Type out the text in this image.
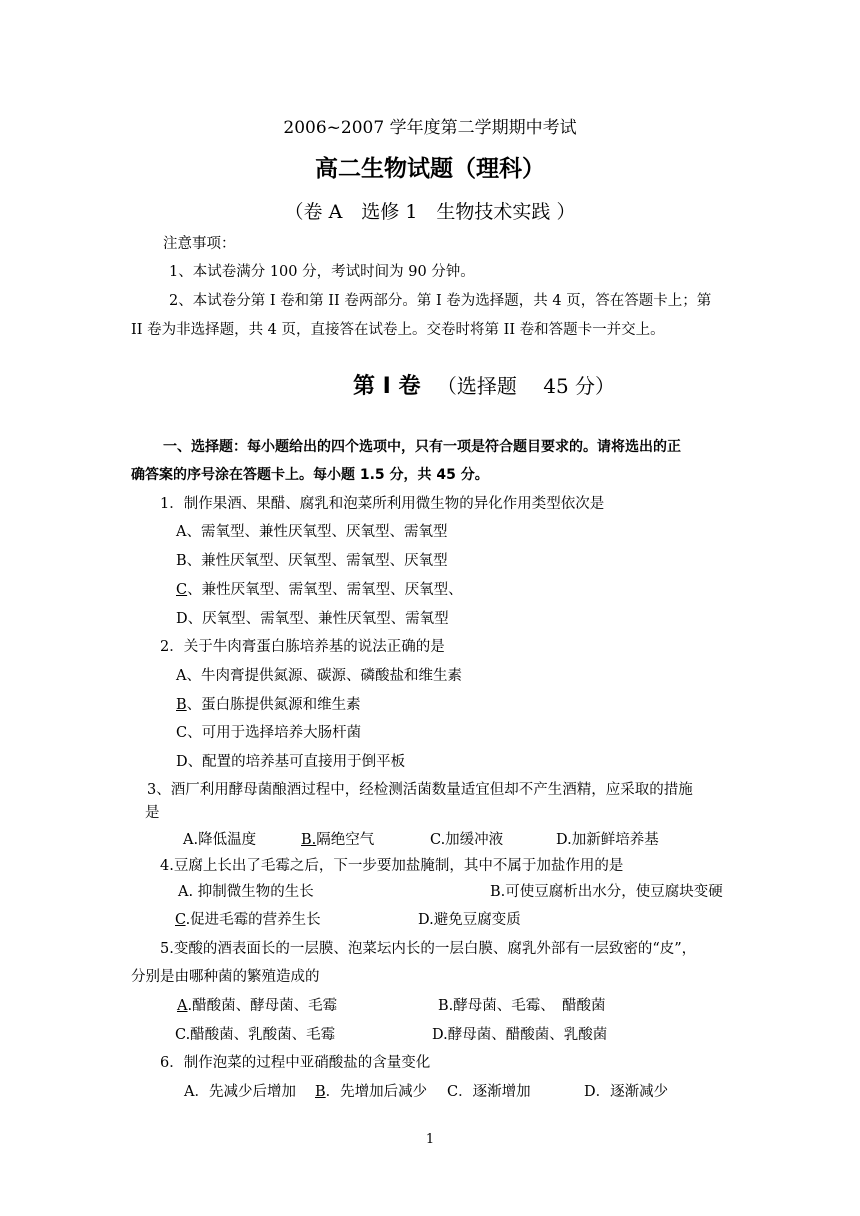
2006~2007 学年度第二学期期中考试
高二生物试题（理科）
（卷 A　选修 1　生物技术实践 ）
注意事项：
1、本试卷满分 100 分，考试时间为 90 分钟。
2、本试卷分第 I 卷和第 II 卷两部分。第 I 卷为选择题，共 4 页，答在答题卡上；第
II 卷为非选择题，共 4 页，直接答在试卷上。交卷时将第 II 卷和答题卡一并交上。
第 I 卷 （选择题　 45 分）
一、选择题：每小题给出的四个选项中，只有一项是符合题目要求的。请将选出的正
确答案的序号涂在答题卡上。每小题 1.5 分，共 45 分。
1．制作果酒、果醋、腐乳和泡菜所利用微生物的异化作用类型依次是
A、需氧型、兼性厌氧型、厌氧型、需氧型
B、兼性厌氧型、厌氧型、需氧型、厌氧型
C、兼性厌氧型、需氧型、需氧型、厌氧型、
D、厌氧型、需氧型、兼性厌氧型、需氧型
2．关于牛肉膏蛋白胨培养基的说法正确的是
A、牛肉膏提供氮源、碳源、磷酸盐和维生素
B、蛋白胨提供氮源和维生素
C、可用于选择培养大肠杆菌
D、配置的培养基可直接用于倒平板
3、酒厂利用酵母菌酿酒过程中，经检测活菌数量适宜但却不产生酒精，应采取的措施
是
A.降低温度	B.隔绝空气	C.加缓冲液	D.加新鲜培养基
4.豆腐上长出了毛霉之后，下一步要加盐腌制，其中不属于加盐作用的是
A. 抑制微生物的生长	B.可使豆腐析出水分，使豆腐块变硬
C.促进毛霉的营养生长	D.避免豆腐变质
5.变酸的酒表面长的一层膜、泡菜坛内长的一层白膜、腐乳外部有一层致密的“皮”，
分别是由哪种菌的繁殖造成的
A.醋酸菌、酵母菌、毛霉	B.酵母菌、毛霉、　醋酸菌
C.醋酸菌、乳酸菌、毛霉	D.酵母菌、醋酸菌、乳酸菌
6．制作泡菜的过程中亚硝酸盐的含量变化
A．先减少后增加 B．先增加后减少 C．逐渐增加	D．逐渐减少
1
